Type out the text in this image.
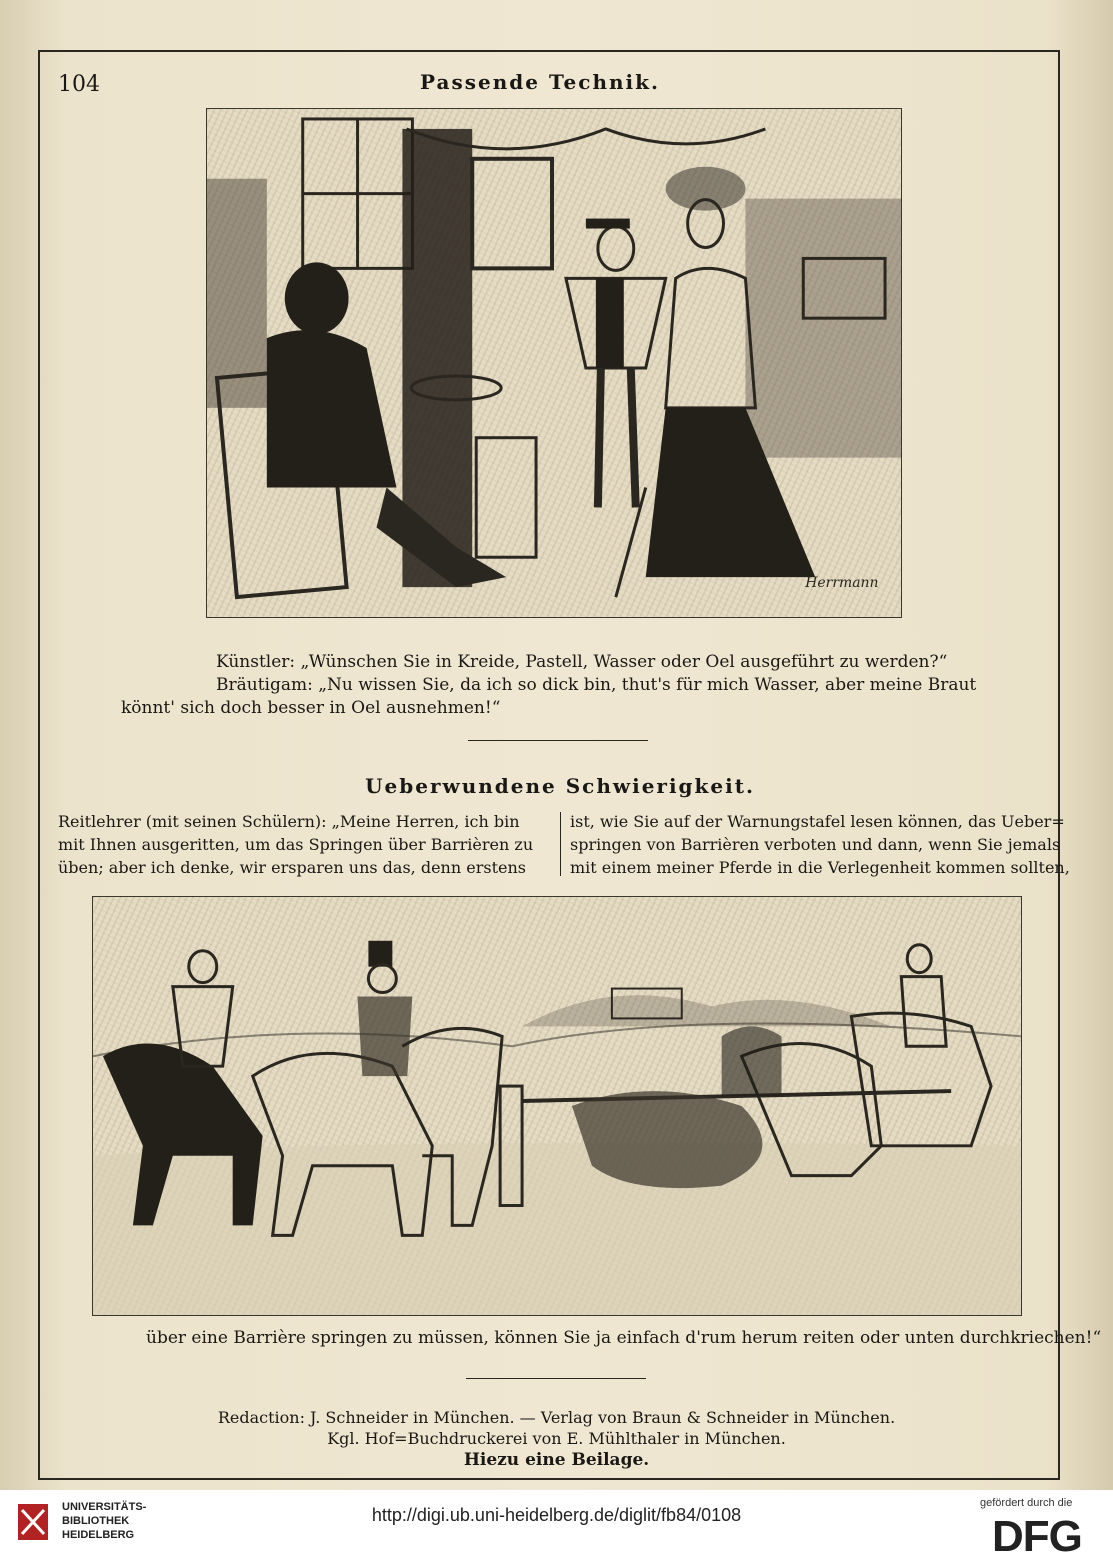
104	Passende Technik.
Herrmann
Künstler: „Wünschen Sie in Kreide, Pastell, Wasser oder Oel ausgeführt zu werden?“
Bräutigam: „Nu wissen Sie, da ich so dick bin, thut's für mich Wasser, aber meine Braut
könnt' sich doch besser in Oel ausnehmen!“
Ueberwundene Schwierigkeit.
Reitlehrer (mit seinen Schülern): „Meine Herren, ich bin
mit Ihnen ausgeritten, um das Springen über Barrièren zu
üben; aber ich denke, wir ersparen uns das, denn erstens
ist, wie Sie auf der Warnungstafel lesen können, das Ueber=
springen von Barrièren verboten und dann, wenn Sie jemals
mit einem meiner Pferde in die Verlegenheit kommen sollten,
über eine Barrière springen zu müssen, können Sie ja einfach d'rum herum reiten oder unten durchkriechen!“
Redaction: J. Schneider in München. — Verlag von Braun & Schneider in München.
Kgl. Hof=Buchdruckerei von E. Mühlthaler in München.
Hiezu eine Beilage.
UNIVERSITÄTS-
BIBLIOTHEK
HEIDELBERG
http://digi.ub.uni-heidelberg.de/diglit/fb84/0108
gefördert durch die
DFG
